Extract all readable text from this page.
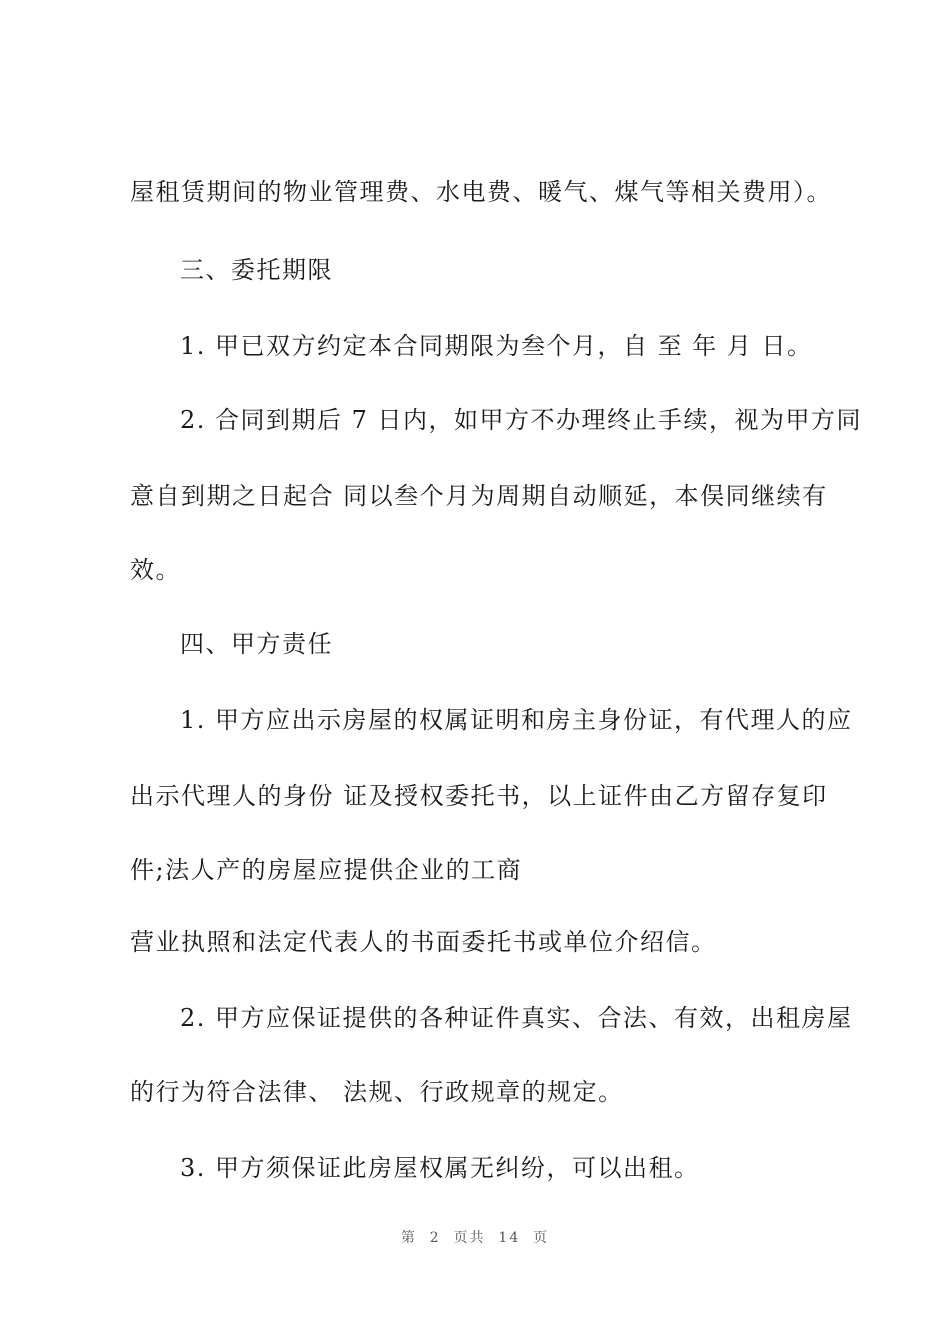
屋租赁期间的物业管理费、水电费、暖气、煤气等相关费用）。
三、委托期限
1. 甲已双方约定本合同期限为叁个月，自 至 年 月 日。
2. 合同到期后 7 日内，如甲方不办理终止手续，视为甲方同
意自到期之日起合 同以叁个月为周期自动顺延，本俣同继续有
效。
四、甲方责任
1. 甲方应出示房屋的权属证明和房主身份证，有代理人的应
出示代理人的身份 证及授权委托书，以上证件由乙方留存复印
件;法人产的房屋应提供企业的工商
营业执照和法定代表人的书面委托书或单位介绍信。
2. 甲方应保证提供的各种证件真实、合法、有效，出租房屋
的行为符合法律、 法规、行政规章的规定。
3. 甲方须保证此房屋权属无纠纷，可以出租。
第  2  页共  14  页
